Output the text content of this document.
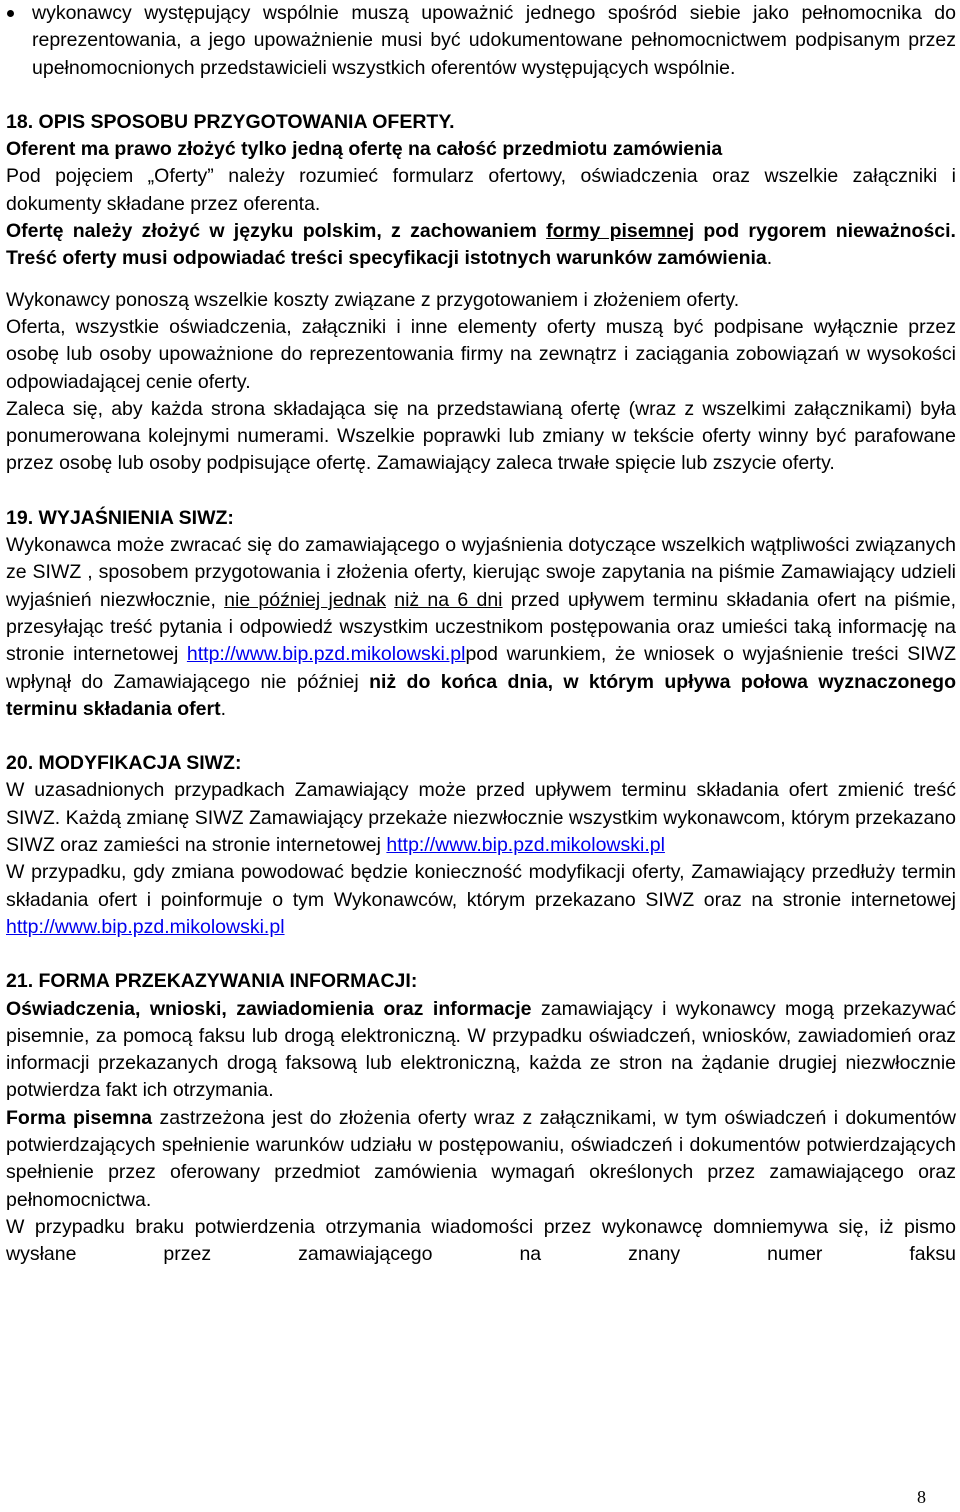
wykonawcy występujący wspólnie muszą upoważnić jednego spośród siebie jako pełnomocnika do reprezentowania, a jego upoważnienie musi być udokumentowane pełnomocnictwem podpisanym przez upełnomocnionych przedstawicieli wszystkich oferentów występujących wspólnie.

18. OPIS SPOSOBU PRZYGOTOWANIA OFERTY.

Oferent ma prawo złożyć tylko jedną ofertę na całość przedmiotu zamówienia

Pod pojęciem „Oferty” należy rozumieć formularz ofertowy, oświadczenia oraz wszelkie załączniki i dokumenty składane przez oferenta.

Ofertę należy złożyć w języku polskim, z zachowaniem formy pisemnej pod rygorem nieważności. Treść oferty musi odpowiadać treści specyfikacji istotnych warunków zamówienia.

Wykonawcy ponoszą wszelkie koszty związane z przygotowaniem i złożeniem oferty.

Oferta, wszystkie oświadczenia, załączniki i inne elementy oferty muszą być podpisane wyłącznie przez osobę lub osoby upoważnione do reprezentowania firmy na zewnątrz i zaciągania zobowiązań w wysokości odpowiadającej cenie oferty.

Zaleca się, aby każda strona składająca się na przedstawianą ofertę (wraz z wszelkimi załącznikami) była ponumerowana kolejnymi numerami. Wszelkie poprawki lub zmiany w tekście oferty winny być parafowane przez osobę lub osoby podpisujące ofertę. Zamawiający zaleca trwałe spięcie lub zszycie oferty.

19. WYJAŚNIENIA SIWZ:

Wykonawca może zwracać się do zamawiającego o wyjaśnienia dotyczące wszelkich wątpliwości związanych ze SIWZ , sposobem przygotowania i złożenia oferty, kierując swoje zapytania na piśmie Zamawiający udzieli wyjaśnień niezwłocznie, nie później jednak niż na 6 dni przed upływem terminu składania ofert na piśmie, przesyłając treść pytania i odpowiedź wszystkim uczestnikom postępowania oraz umieści taką informację na stronie internetowej http://www.bip.pzd.mikolowski.plpod warunkiem, że wniosek o wyjaśnienie treści SIWZ wpłynął do Zamawiającego nie później niż do końca dnia, w którym upływa połowa wyznaczonego terminu składania ofert.

20. MODYFIKACJA SIWZ:

W uzasadnionych przypadkach Zamawiający może przed upływem terminu składania ofert zmienić treść SIWZ. Każdą zmianę SIWZ Zamawiający przekaże niezwłocznie wszystkim wykonawcom, którym przekazano SIWZ oraz zamieści na stronie internetowej http://www.bip.pzd.mikolowski.pl

W przypadku, gdy zmiana powodować będzie konieczność modyfikacji oferty, Zamawiający przedłuży termin składania ofert i poinformuje o tym Wykonawców, którym przekazano SIWZ oraz na stronie internetowej http://www.bip.pzd.mikolowski.pl

21. FORMA PRZEKAZYWANIA INFORMACJI:

Oświadczenia, wnioski, zawiadomienia oraz informacje zamawiający i wykonawcy mogą przekazywać pisemnie, za pomocą faksu lub drogą elektroniczną. W przypadku oświadczeń, wniosków, zawiadomień oraz informacji przekazanych drogą faksową lub elektroniczną, każda ze stron na żądanie drugiej niezwłocznie potwierdza fakt ich otrzymania.

Forma pisemna zastrzeżona jest do złożenia oferty wraz z załącznikami, w tym oświadczeń i dokumentów potwierdzających spełnienie warunków udziału w postępowaniu, oświadczeń i dokumentów potwierdzających spełnienie przez oferowany przedmiot zamówienia wymagań określonych przez zamawiającego oraz pełnomocnictwa.

W przypadku braku potwierdzenia otrzymania wiadomości przez wykonawcę domniemywa się, iż pismo wysłane przez zamawiającego na znany numer faksu

8
